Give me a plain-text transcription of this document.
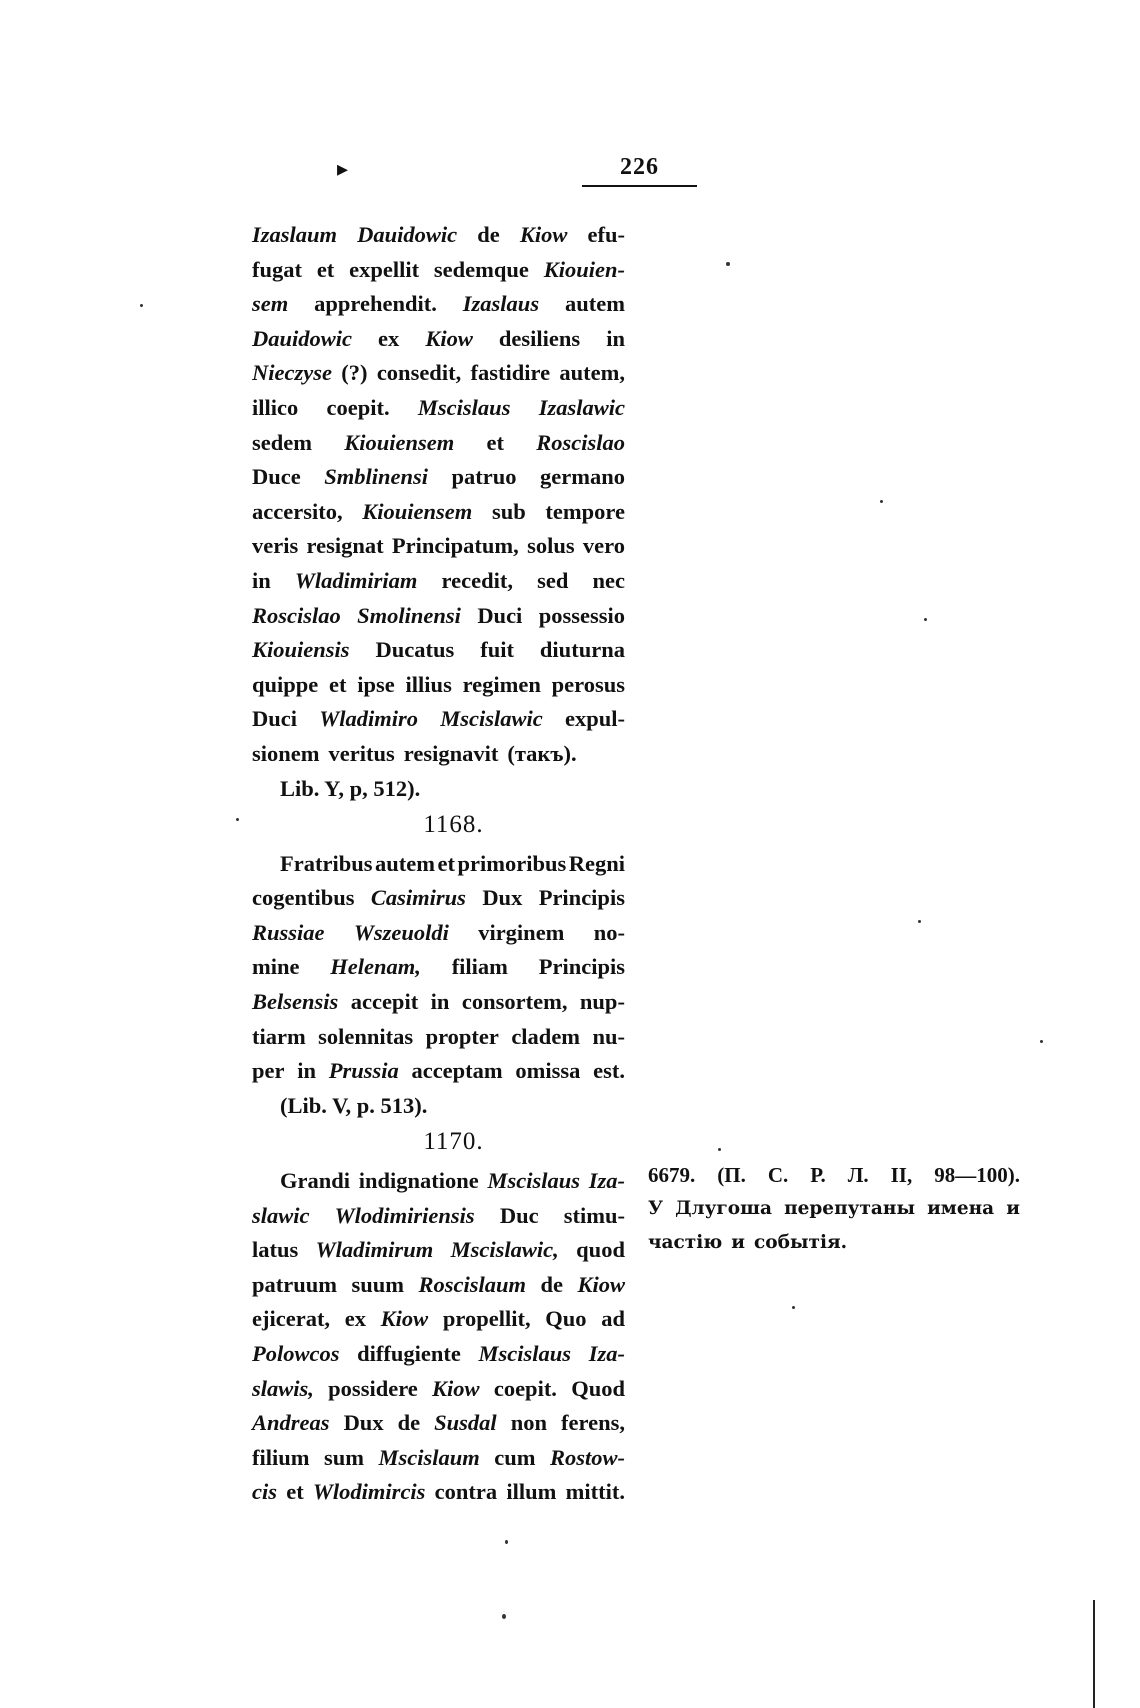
▸	226
Izaslaum Dauidowic de Kiow efu-
fugat et expellit sedemque Kiouien-
sem apprehendit. Izaslaus autem
Dauidowic ex Kiow desiliens in
Nieczyse (?) consedit, fastidire autem,
illico coepit. Mscislaus Izaslawic
sedem Kiouiensem et Roscislao
Duce Smblinensi patruo germano
accersito, Kiouiensem sub tempore
veris resignat Principatum, solus vero
in Wladimiriam recedit, sed nec
Roscislao Smolinensi Duci possessio
Kiouiensis Ducatus fuit diuturna
quippe et ipse illius regimen perosus
Duci Wladimiro Mscislawic expul-
sionem veritus resignavit (такъ).
Lib. Y, p, 512).
1168.
Fratribus autem et primoribus Regni
cogentibus Casimirus Dux Principis
Russiae Wszeuoldi virginem no-
mine Helenam, filiam Principis
Belsensis accepit in consortem, nup-
tiarm solennitas propter cladem nu-
per in Prussia acceptam omissa est.
(Lib. V, p. 513).
1170.
Grandi indignatione Mscislaus Iza-
slawic Wlodimiriensis Duc stimu-
latus Wladimirum Mscislawic, quod
patruum suum Roscislaum de Kiow
ejicerat, ex Kiow propellit, Quo ad
Polowcos diffugiente Mscislaus Iza-
slawis, possidere Kiow coepit. Quod
Andreas Dux de Susdal non ferens,
filium sum Mscislaum cum Rostow-
cis et Wlodimircis contra illum mittit.
6679. (П. С. Р. Л. II, 98—100).
У Длугоша перепутаны имена и
частію и событія.
